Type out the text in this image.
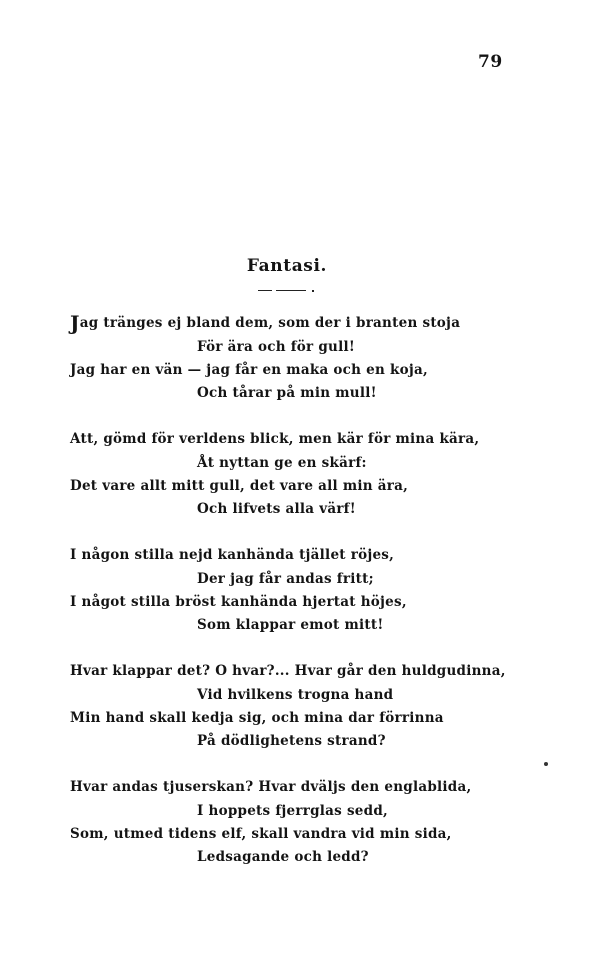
79
Fantasi.
Jag tränges ej bland dem, som der i branten stoja
För ära och för gull!
Jag har en vän — jag får en maka och en koja,
Och tårar på min mull!
Att, gömd för verldens blick, men kär för mina kära,
Åt nyttan ge en skärf:
Det vare allt mitt gull, det vare all min ära,
Och lifvets alla värf!
I någon stilla nejd kanhända tjället röjes,
Der jag får andas fritt;
I något stilla bröst kanhända hjertat höjes,
Som klappar emot mitt!
Hvar klappar det? O hvar?... Hvar går den huldgudinna,
Vid hvilkens trogna hand
Min hand skall kedja sig, och mina dar förrinna
På dödlighetens strand?
Hvar andas tjuserskan? Hvar dväljs den englablida,
I hoppets fjerrglas sedd,
Som, utmed tidens elf, skall vandra vid min sida,
Ledsagande och ledd?
